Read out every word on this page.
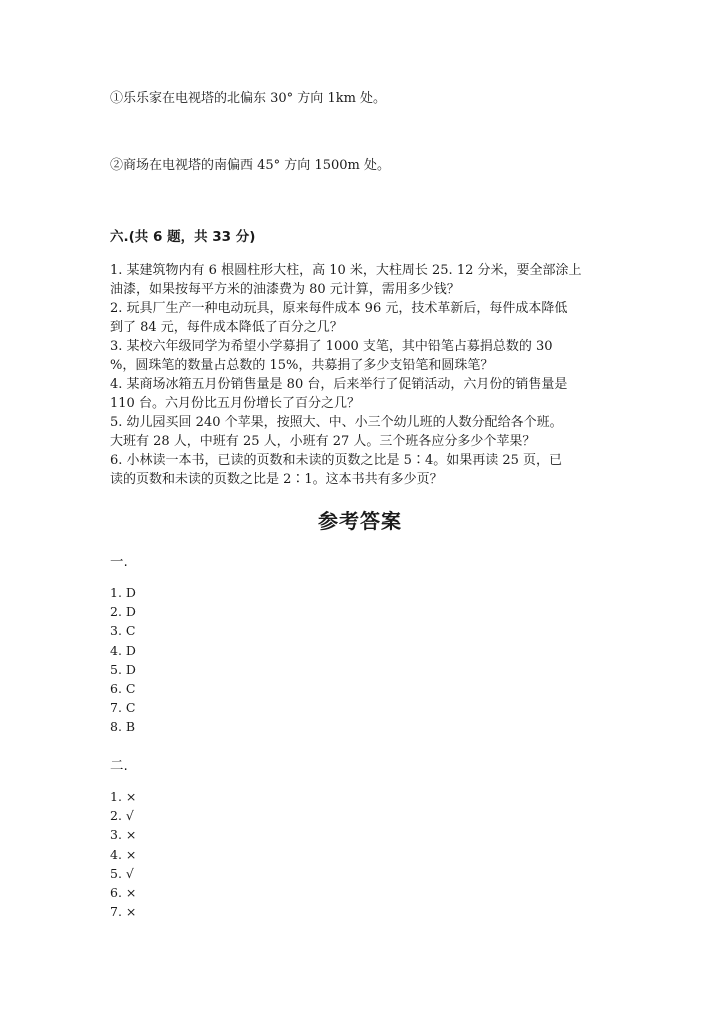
①乐乐家在电视塔的北偏东 30° 方向 1km 处。
②商场在电视塔的南偏西 45° 方向 1500m 处。
六.(共 6 题，共 33 分)
1. 某建筑物内有 6 根圆柱形大柱，高 10 米，大柱周长 25. 12 分米，要全部涂上
油漆，如果按每平方米的油漆费为 80 元计算，需用多少钱？
2. 玩具厂生产一种电动玩具，原来每件成本 96 元，技术革新后，每件成本降低
到了 84 元，每件成本降低了百分之几？
3. 某校六年级同学为希望小学募捐了 1000 支笔，其中铅笔占募捐总数的 30
%，圆珠笔的数量占总数的 15%，共募捐了多少支铅笔和圆珠笔？
4. 某商场冰箱五月份销售量是 80 台，后来举行了促销活动，六月份的销售量是
110 台。六月份比五月份增长了百分之几？
5. 幼儿园买回 240 个苹果，按照大、中、小三个幼儿班的人数分配给各个班。
大班有 28 人，中班有 25 人，小班有 27 人。三个班各应分多少个苹果？
6. 小林读一本书，已读的页数和未读的页数之比是 5∶4。如果再读 25 页，已
读的页数和未读的页数之比是 2∶1。这本书共有多少页？
参考答案
一.
1. D
2. D
3. C
4. D
5. D
6. C
7. C
8. B
二.
1. ×
2. √
3. ×
4. ×
5. √
6. ×
7. ×
